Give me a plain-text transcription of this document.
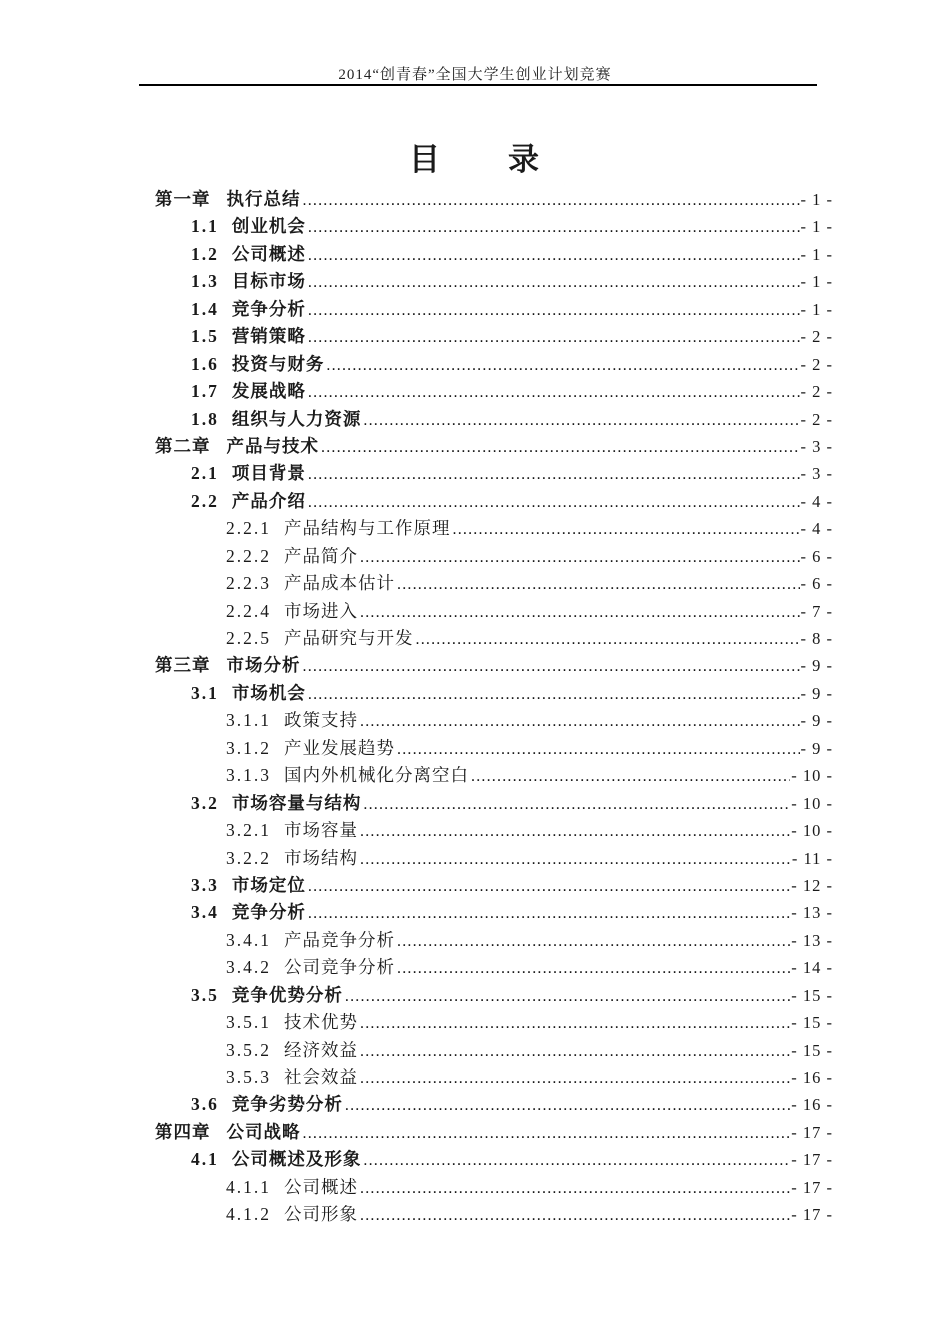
2014“创青春”全国大学生创业计划竞赛
目　　录
第一章 执行总结 .....	- 1 -
1.1 创业机会 .....	- 1 -
1.2 公司概述 .....	- 1 -
1.3 目标市场 .....	- 1 -
1.4 竞争分析 .....	- 1 -
1.5 营销策略 .....	- 2 -
1.6 投资与财务 .....	- 2 -
1.7 发展战略 .....	- 2 -
1.8 组织与人力资源 .....	- 2 -
第二章 产品与技术 .....	- 3 -
2.1 项目背景 .....	- 3 -
2.2 产品介绍 .....	- 4 -
2.2.1 产品结构与工作原理 .....	- 4 -
2.2.2 产品简介 .....	- 6 -
2.2.3 产品成本估计 .....	- 6 -
2.2.4 市场进入 .....	- 7 -
2.2.5 产品研究与开发 .....	- 8 -
第三章 市场分析 .....	- 9 -
3.1 市场机会 .....	- 9 -
3.1.1 政策支持 .....	- 9 -
3.1.2 产业发展趋势 .....	- 9 -
3.1.3 国内外机械化分离空白 .....	- 10 -
3.2 市场容量与结构 .....	- 10 -
3.2.1 市场容量 .....	- 10 -
3.2.2 市场结构 .....	- 11 -
3.3 市场定位 .....	- 12 -
3.4 竞争分析 .....	- 13 -
3.4.1 产品竞争分析 .....	- 13 -
3.4.2 公司竞争分析 .....	- 14 -
3.5 竞争优势分析 .....	- 15 -
3.5.1 技术优势 .....	- 15 -
3.5.2 经济效益 .....	- 15 -
3.5.3 社会效益 .....	- 16 -
3.6 竞争劣势分析 .....	- 16 -
第四章 公司战略 .....	- 17 -
4.1 公司概述及形象 .....	- 17 -
4.1.1 公司概述 .....	- 17 -
4.1.2 公司形象 .....	- 17 -
